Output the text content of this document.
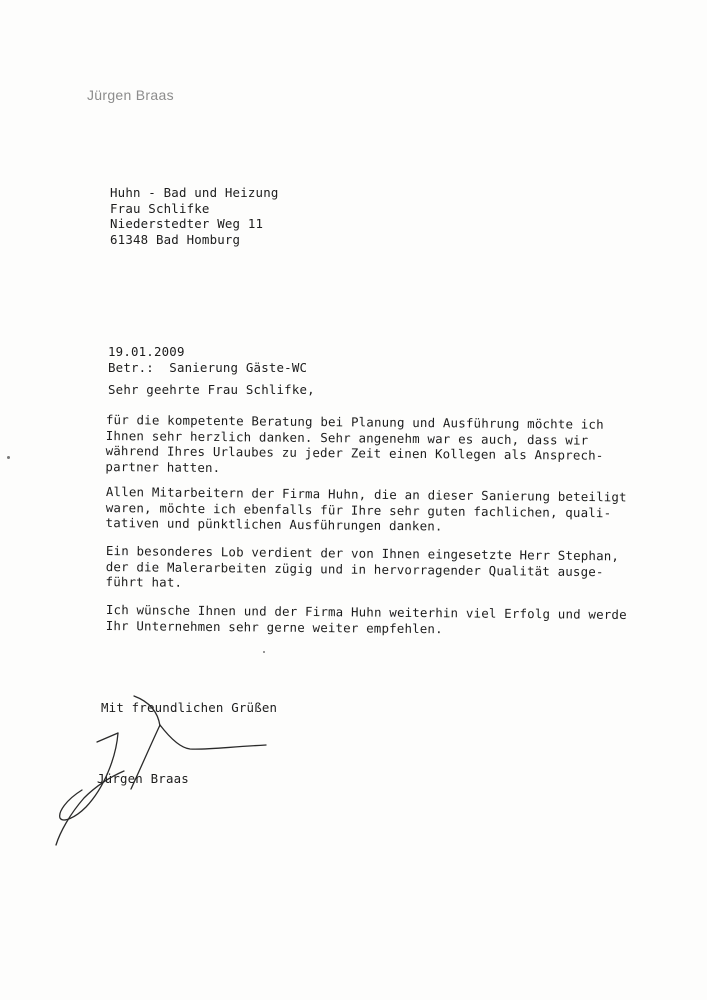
Jürgen Braas
Huhn - Bad und Heizung
Frau Schlifke
Niederstedter Weg 11
61348 Bad Homburg
19.01.2009
Betr.:  Sanierung Gäste-WC
Sehr geehrte Frau Schlifke,
für die kompetente Beratung bei Planung und Ausführung möchte ich
Ihnen sehr herzlich danken. Sehr angenehm war es auch, dass wir
während Ihres Urlaubes zu jeder Zeit einen Kollegen als Ansprech-
partner hatten.
Allen Mitarbeitern der Firma Huhn, die an dieser Sanierung beteiligt
waren, möchte ich ebenfalls für Ihre sehr guten fachlichen, quali-
tativen und pünktlichen Ausführungen danken.
Ein besonderes Lob verdient der von Ihnen eingesetzte Herr Stephan,
der die Malerarbeiten zügig und in hervorragender Qualität ausge-
führt hat.
Ich wünsche Ihnen und der Firma Huhn weiterhin viel Erfolg und werde
Ihr Unternehmen sehr gerne weiter empfehlen.
Mit freundlichen Grüßen
Jürgen Braas
